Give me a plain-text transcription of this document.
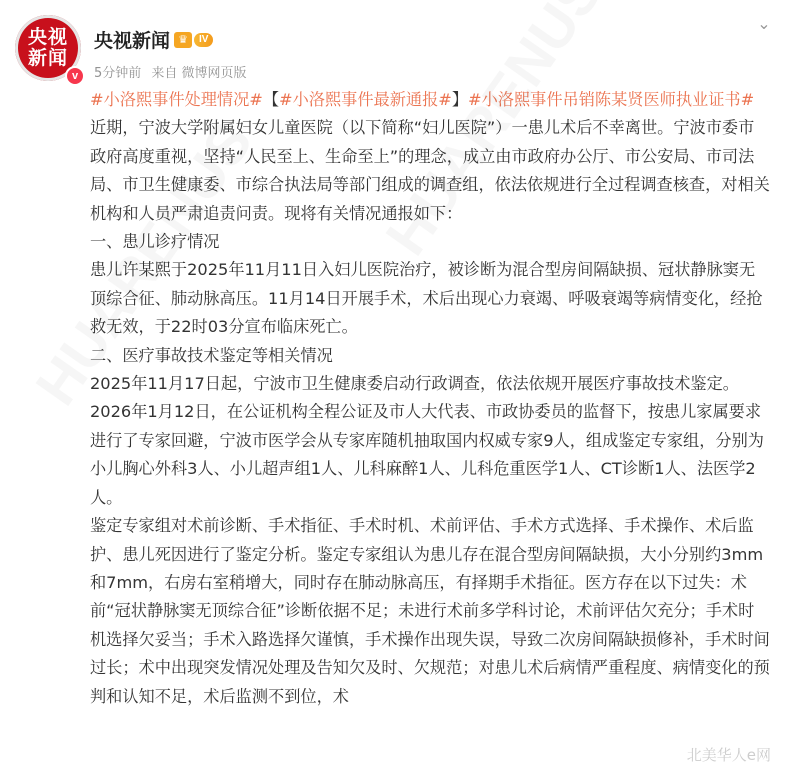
央视
新闻
v
央视新闻 ♛	IV
5分钟前 来自 微博网页版
⌄

#小洛熙事件处理情况#【#小洛熙事件最新通报#】#小洛熙事件吊销陈某贤医师执业证书#近期，宁波大学附属妇女儿童医院（以下简称“妇儿医院”）一患儿术后不幸离世。宁波市委市政府高度重视，坚持“人民至上、生命至上”的理念，成立由市政府办公厅、市公安局、市司法局、市卫生健康委、市综合执法局等部门组成的调查组，依法依规进行全过程调查核查，对相关机构和人员严肃追责问责。现将有关情况通报如下：

一、患儿诊疗情况

患儿许某熙于2025年11月11日入妇儿医院治疗，被诊断为混合型房间隔缺损、冠状静脉窦无顶综合征、肺动脉高压。11月14日开展手术，术后出现心力衰竭、呼吸衰竭等病情变化，经抢救无效，于22时03分宣布临床死亡。

二、医疗事故技术鉴定等相关情况

2025年11月17日起，宁波市卫生健康委启动行政调查，依法依规开展医疗事故技术鉴定。2026年1月12日，在公证机构全程公证及市人大代表、市政协委员的监督下，按患儿家属要求进行了专家回避，宁波市医学会从专家库随机抽取国内权威专家9人，组成鉴定专家组，分别为小儿胸心外科3人、小儿超声组1人、儿科麻醉1人、儿科危重医学1人、CT诊断1人、法医学2人。

鉴定专家组对术前诊断、手术指征、手术时机、术前评估、手术方式选择、手术操作、术后监护、患儿死因进行了鉴定分析。鉴定专家组认为患儿存在混合型房间隔缺损，大小分别约3mm和7mm，右房右室稍增大，同时存在肺动脉高压，有择期手术指征。医方存在以下过失：术前“冠状静脉窦无顶综合征”诊断依据不足；未进行术前多学科讨论，术前评估欠充分；手术时机选择欠妥当；手术入路选择欠谨慎，手术操作出现失误，导致二次房间隔缺损修补，手术时间过长；术中出现突发情况处理及告知欠及时、欠规范；对患儿术后病情严重程度、病情变化的预判和认知不足，术后监测不到位，术

北美华人e网
